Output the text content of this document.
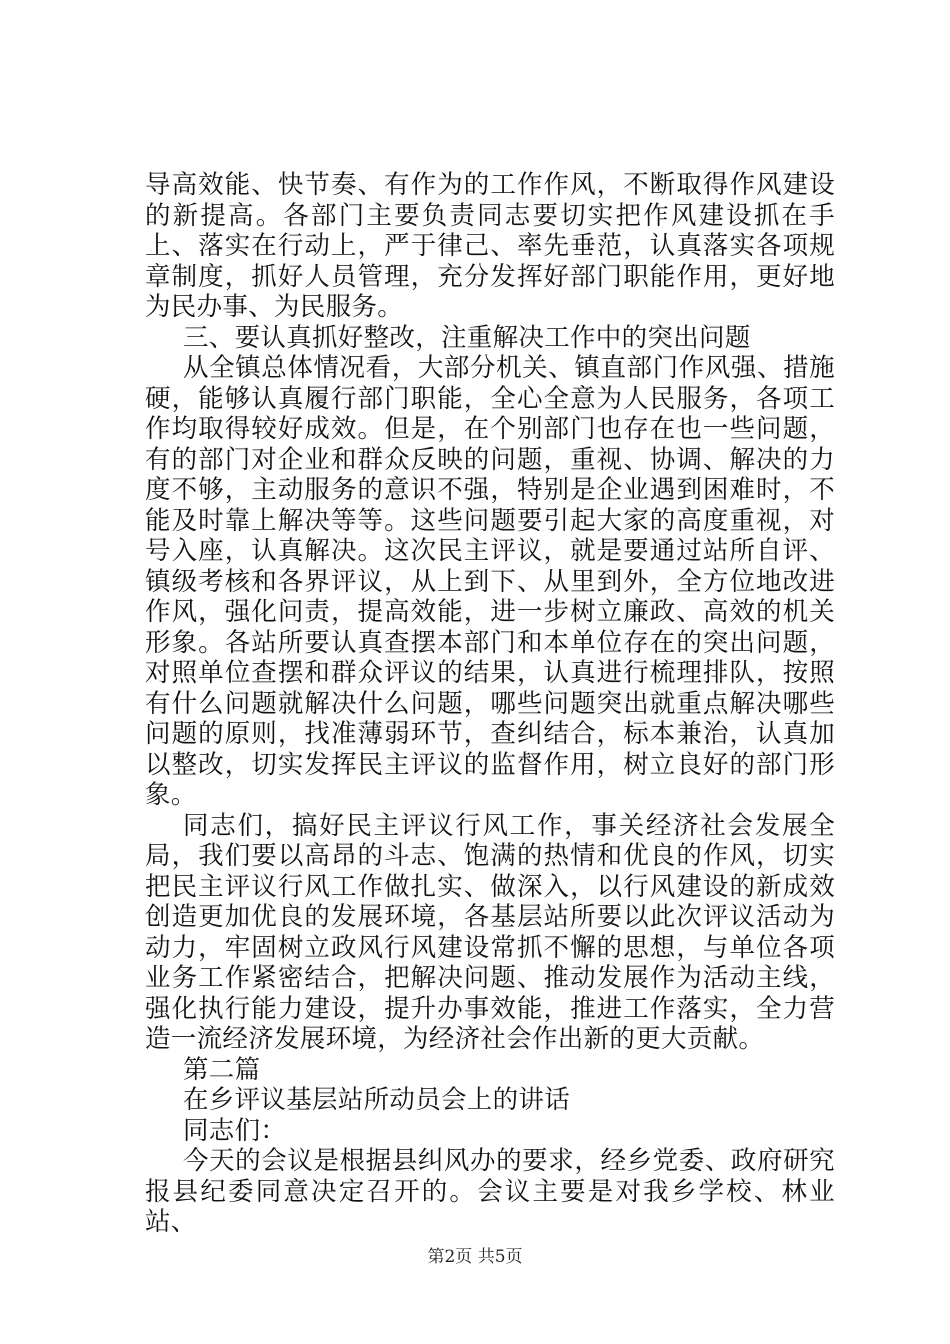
导高效能、快节奏、有作为的工作作风，不断取得作风建设的新提高。各部门主要负责同志要切实把作风建设抓在手上、落实在行动上，严于律己、率先垂范，认真落实各项规章制度，抓好人员管理，充分发挥好部门职能作用，更好地为民办事、为民服务。

三、要认真抓好整改，注重解决工作中的突出问题

从全镇总体情况看，大部分机关、镇直部门作风强、措施硬，能够认真履行部门职能，全心全意为人民服务，各项工作均取得较好成效。但是，在个别部门也存在也一些问题，有的部门对企业和群众反映的问题，重视、协调、解决的力度不够，主动服务的意识不强，特别是企业遇到困难时，不能及时靠上解决等等。这些问题要引起大家的高度重视，对号入座，认真解决。这次民主评议，就是要通过站所自评、镇级考核和各界评议，从上到下、从里到外，全方位地改进作风，强化问责，提高效能，进一步树立廉政、高效的机关形象。各站所要认真查摆本部门和本单位存在的突出问题，对照单位查摆和群众评议的结果，认真进行梳理排队，按照有什么问题就解决什么问题，哪些问题突出就重点解决哪些问题的原则，找准薄弱环节，查纠结合，标本兼治，认真加以整改，切实发挥民主评议的监督作用，树立良好的部门形象。

同志们，搞好民主评议行风工作，事关经济社会发展全局，我们要以高昂的斗志、饱满的热情和优良的作风，切实把民主评议行风工作做扎实、做深入，以行风建设的新成效创造更加优良的发展环境，各基层站所要以此次评议活动为动力，牢固树立政风行风建设常抓不懈的思想，与单位各项业务工作紧密结合，把解决问题、推动发展作为活动主线，强化执行能力建设，提升办事效能，推进工作落实，全力营造一流经济发展环境，为经济社会作出新的更大贡献。

第二篇

在乡评议基层站所动员会上的讲话

同志们：

今天的会议是根据县纠风办的要求，经乡党委、政府研究报县纪委同意决定召开的。会议主要是对我乡学校、林业站、

第2页 共5页
